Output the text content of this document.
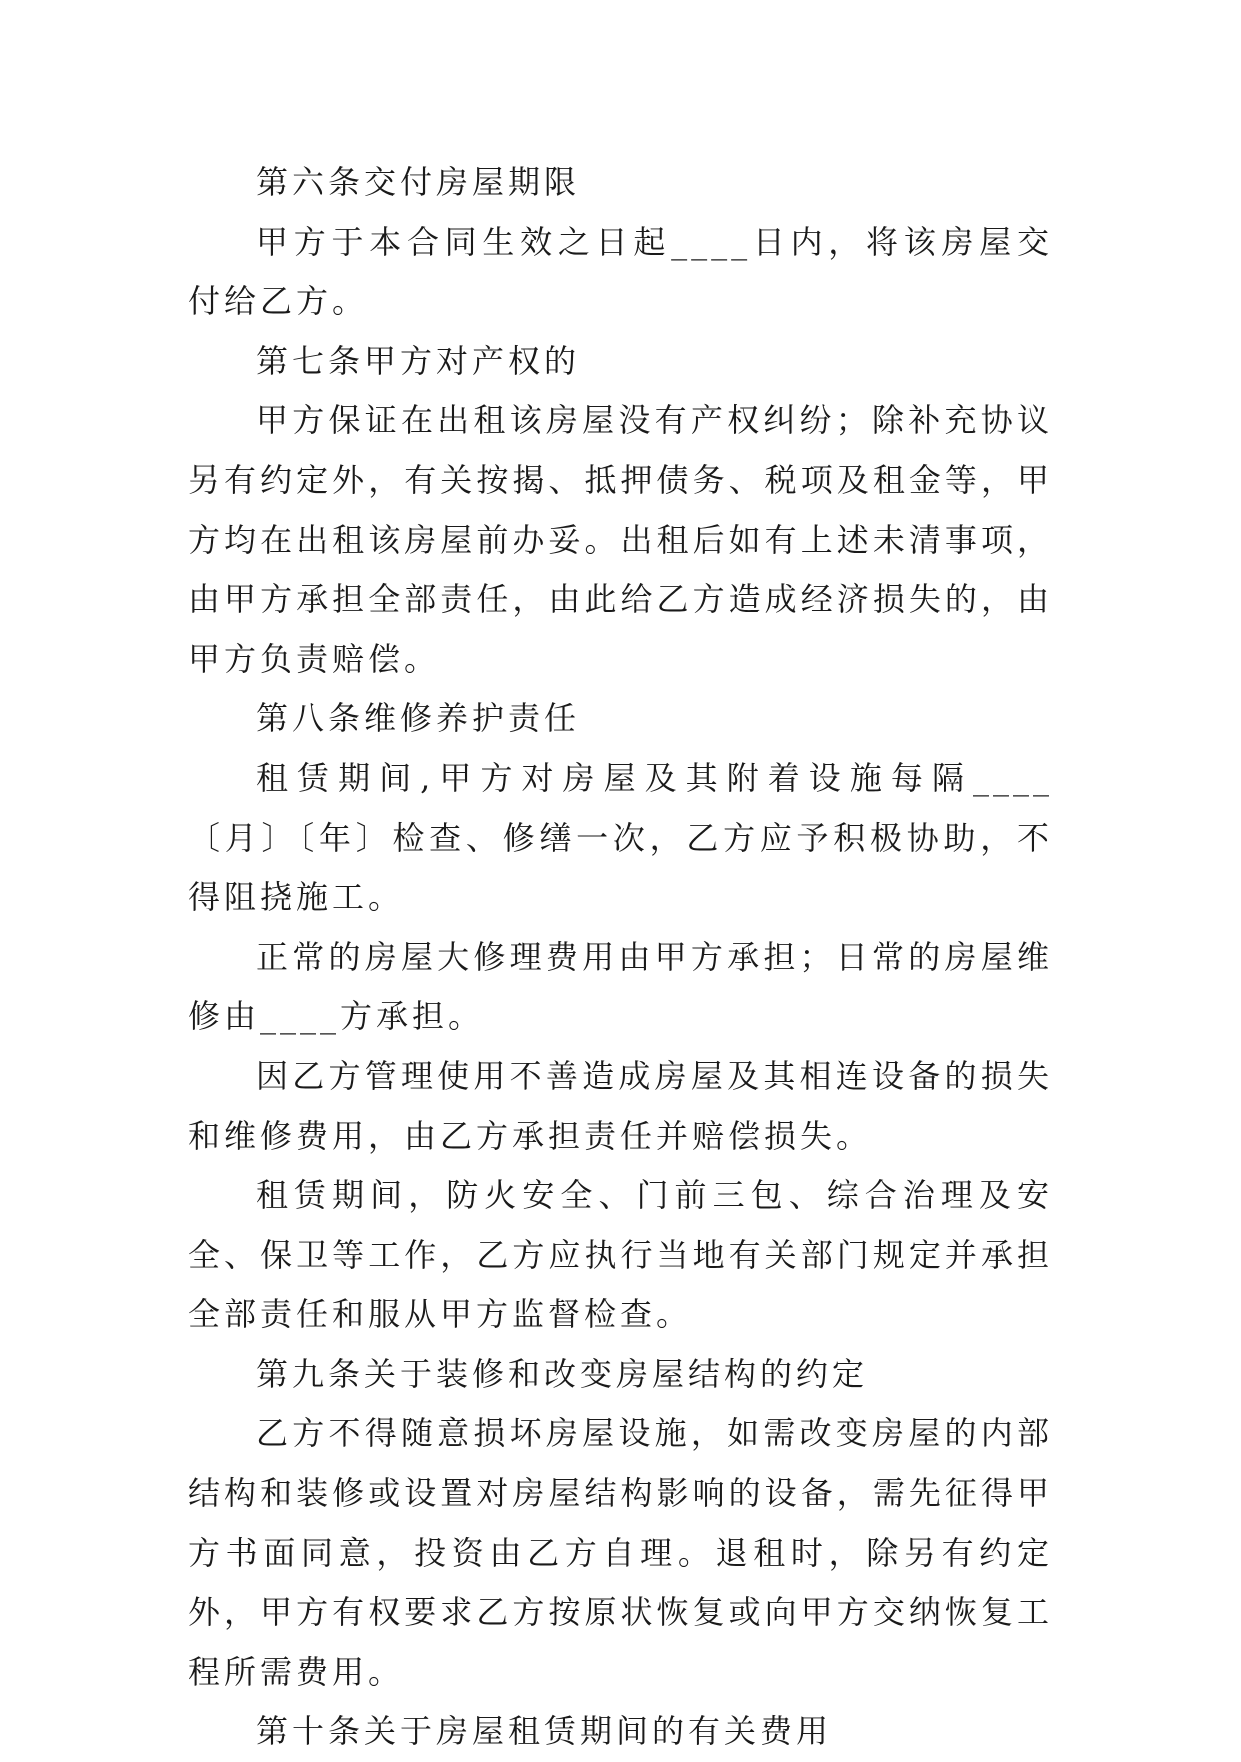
第六条交付房屋期限

甲方于本合同生效之日起____日内，将该房屋交付给乙方。

第七条甲方对产权的

甲方保证在出租该房屋没有产权纠纷；除补充协议另有约定外，有关按揭、抵押债务、税项及租金等，甲方均在出租该房屋前办妥。出租后如有上述未清事项，由甲方承担全部责任，由此给乙方造成经济损失的，由甲方负责赔偿。

第八条维修养护责任

租赁期间,甲方对房屋及其附着设施每隔____〔月〕〔年〕检查、修缮一次，乙方应予积极协助，不得阻挠施工。

正常的房屋大修理费用由甲方承担；日常的房屋维修由____方承担。

因乙方管理使用不善造成房屋及其相连设备的损失和维修费用，由乙方承担责任并赔偿损失。

租赁期间，防火安全、门前三包、综合治理及安全、保卫等工作，乙方应执行当地有关部门规定并承担全部责任和服从甲方监督检查。

第九条关于装修和改变房屋结构的约定

乙方不得随意损坏房屋设施，如需改变房屋的内部结构和装修或设置对房屋结构影响的设备，需先征得甲方书面同意，投资由乙方自理。退租时，除另有约定外，甲方有权要求乙方按原状恢复或向甲方交纳恢复工程所需费用。

第十条关于房屋租赁期间的有关费用
